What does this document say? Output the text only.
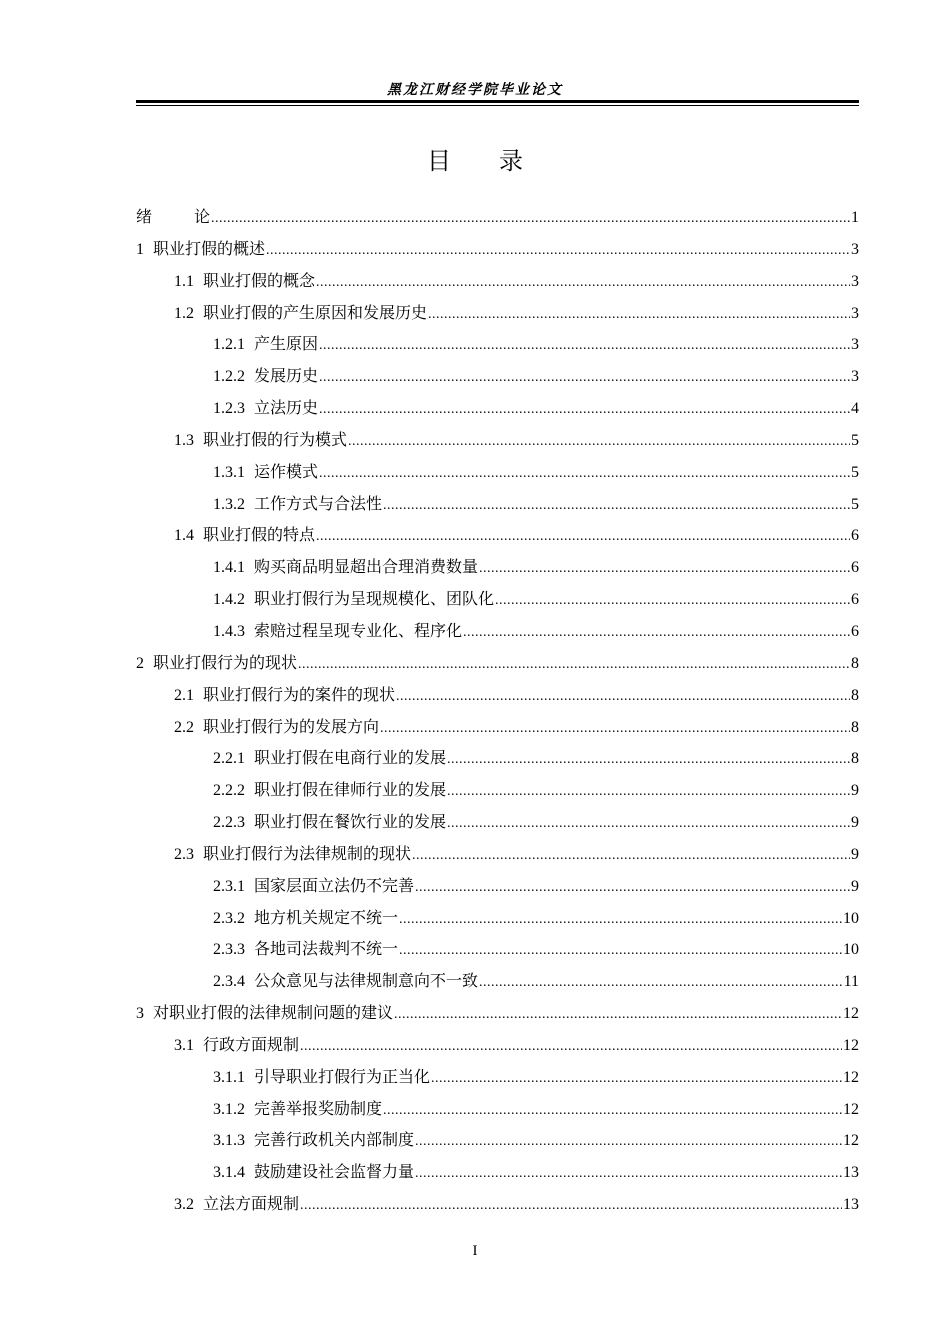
黑龙江财经学院毕业论文
目 录
绪	论 .....	1
1 职业打假的概述 .....	3
1.1 职业打假的概念 .....	3
1.2 职业打假的产生原因和发展历史 .....	3
1.2.1 产生原因 .....	3
1.2.2 发展历史 .....	3
1.2.3 立法历史 .....	4
1.3 职业打假的行为模式 .....	5
1.3.1 运作模式 .....	5
1.3.2 工作方式与合法性 .....	5
1.4 职业打假的特点 .....	6
1.4.1 购买商品明显超出合理消费数量 .....	6
1.4.2 职业打假行为呈现规模化、团队化 .....	6
1.4.3 索赔过程呈现专业化、程序化 .....	6
2 职业打假行为的现状 .....	8
2.1 职业打假行为的案件的现状 .....	8
2.2 职业打假行为的发展方向 .....	8
2.2.1 职业打假在电商行业的发展 .....	8
2.2.2 职业打假在律师行业的发展 .....	9
2.2.3 职业打假在餐饮行业的发展 .....	9
2.3 职业打假行为法律规制的现状 .....	9
2.3.1 国家层面立法仍不完善 .....	9
2.3.2 地方机关规定不统一 .....	10
2.3.3 各地司法裁判不统一 .....	10
2.3.4 公众意见与法律规制意向不一致 .....	11
3 对职业打假的法律规制问题的建议 .....	12
3.1 行政方面规制 .....	12
3.1.1 引导职业打假行为正当化 .....	12
3.1.2 完善举报奖励制度 .....	12
3.1.3 完善行政机关内部制度 .....	12
3.1.4 鼓励建设社会监督力量 .....	13
3.2 立法方面规制 .....	13
I
